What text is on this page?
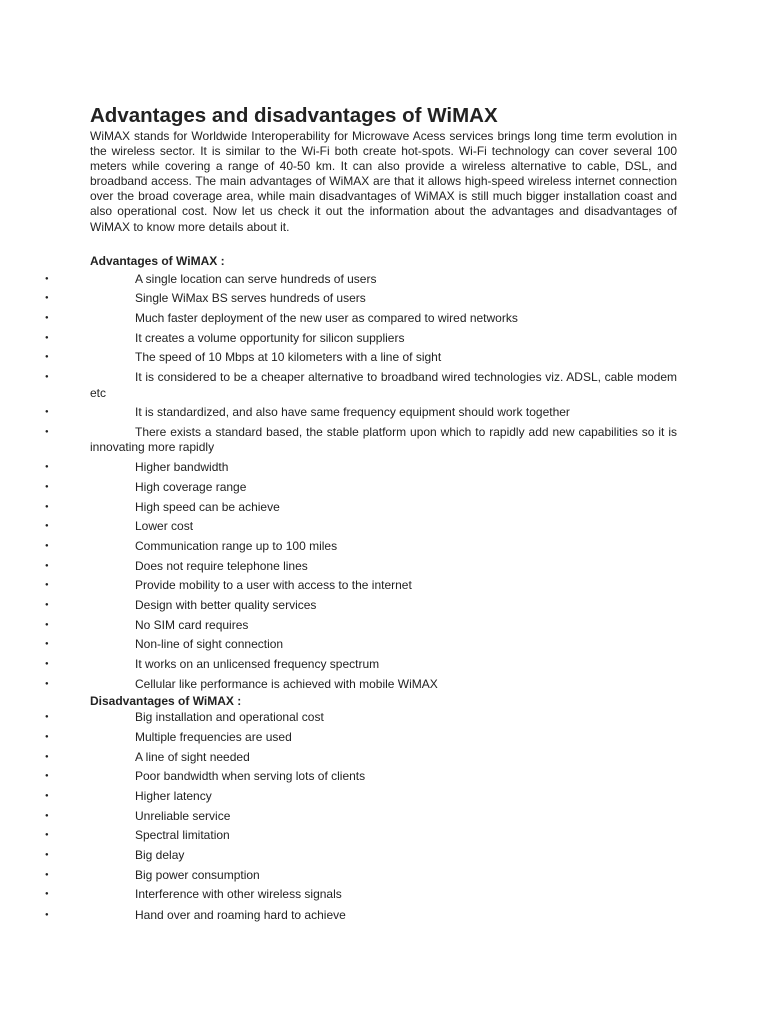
Advantages and disadvantages of WiMAX

WiMAX stands for Worldwide Interoperability for Microwave Acess services brings long time term evolution in the wireless sector. It is similar to the Wi-Fi both create hot-spots. Wi-Fi technology can cover several 100 meters while covering a range of 40-50 km. It can also provide a wireless alternative to cable, DSL, and broadband access. The main advantages of WiMAX are that it allows high-speed wireless internet connection over the broad coverage area, while main disadvantages of WiMAX is still much bigger installation coast and also operational cost. Now let us check it out the information about the advantages and disadvantages of WiMAX to know more details about it.

Advantages of WiMAX :

● A single location can serve hundreds of users
● Single WiMax BS serves hundreds of users
● Much faster deployment of the new user as compared to wired networks
● It creates a volume opportunity for silicon suppliers
● The speed of 10 Mbps at 10 kilometers with a line of sight
● It is considered to be a cheaper alternative to broadband wired technologies viz. ADSL, cable modem etc
● It is standardized, and also have same frequency equipment should work together
● There exists a standard based, the stable platform upon which to rapidly add new capabilities so it is innovating more rapidly
● Higher bandwidth
● High coverage range
● High speed can be achieve
● Lower cost
● Communication range up to 100 miles
● Does not require telephone lines
● Provide mobility to a user with access to the internet
● Design with better quality services
● No SIM card requires
● Non-line of sight connection
● It works on an unlicensed frequency spectrum
● Cellular like performance is achieved with mobile WiMAX

Disadvantages of WiMAX :

● Big installation and operational cost
● Multiple frequencies are used
● A line of sight needed
● Poor bandwidth when serving lots of clients
● Higher latency
● Unreliable service
● Spectral limitation
● Big delay
● Big power consumption
● Interference with other wireless signals
● Hand over and roaming hard to achieve
